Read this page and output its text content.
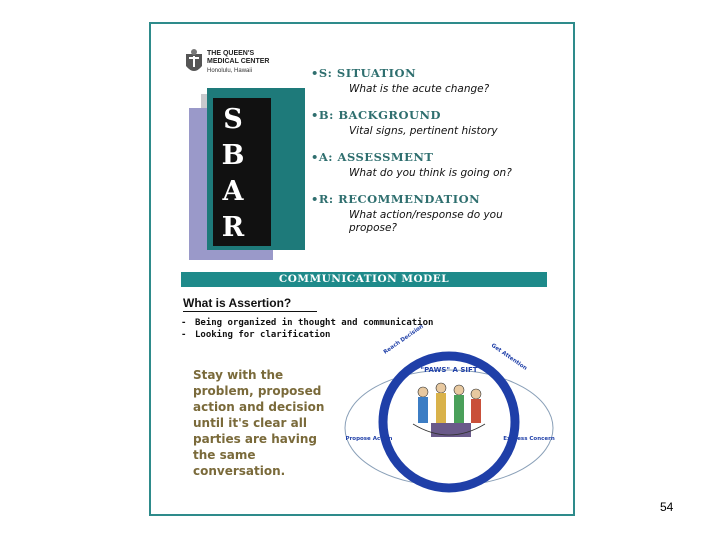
THE QUEEN'S
MEDICAL CENTER
Honolulu, Hawaii
S
B
A
R
•S: SITUATION
What is the acute change?
•B: BACKGROUND
Vital signs, pertinent history
•A: ASSESSMENT
What do you think is going on?
•R: RECOMMENDATION
What action/response do you propose?
COMMUNICATION MODEL
What is Assertion?
- Being organized in thought and communication
- Looking for clarification
Stay with the problem, proposed action and decision until it's clear all parties are having the same conversation.
"PAWS" A SIFT
Reach Decision
Get Attention
Express Concern
State Problem
Propose Action
54
